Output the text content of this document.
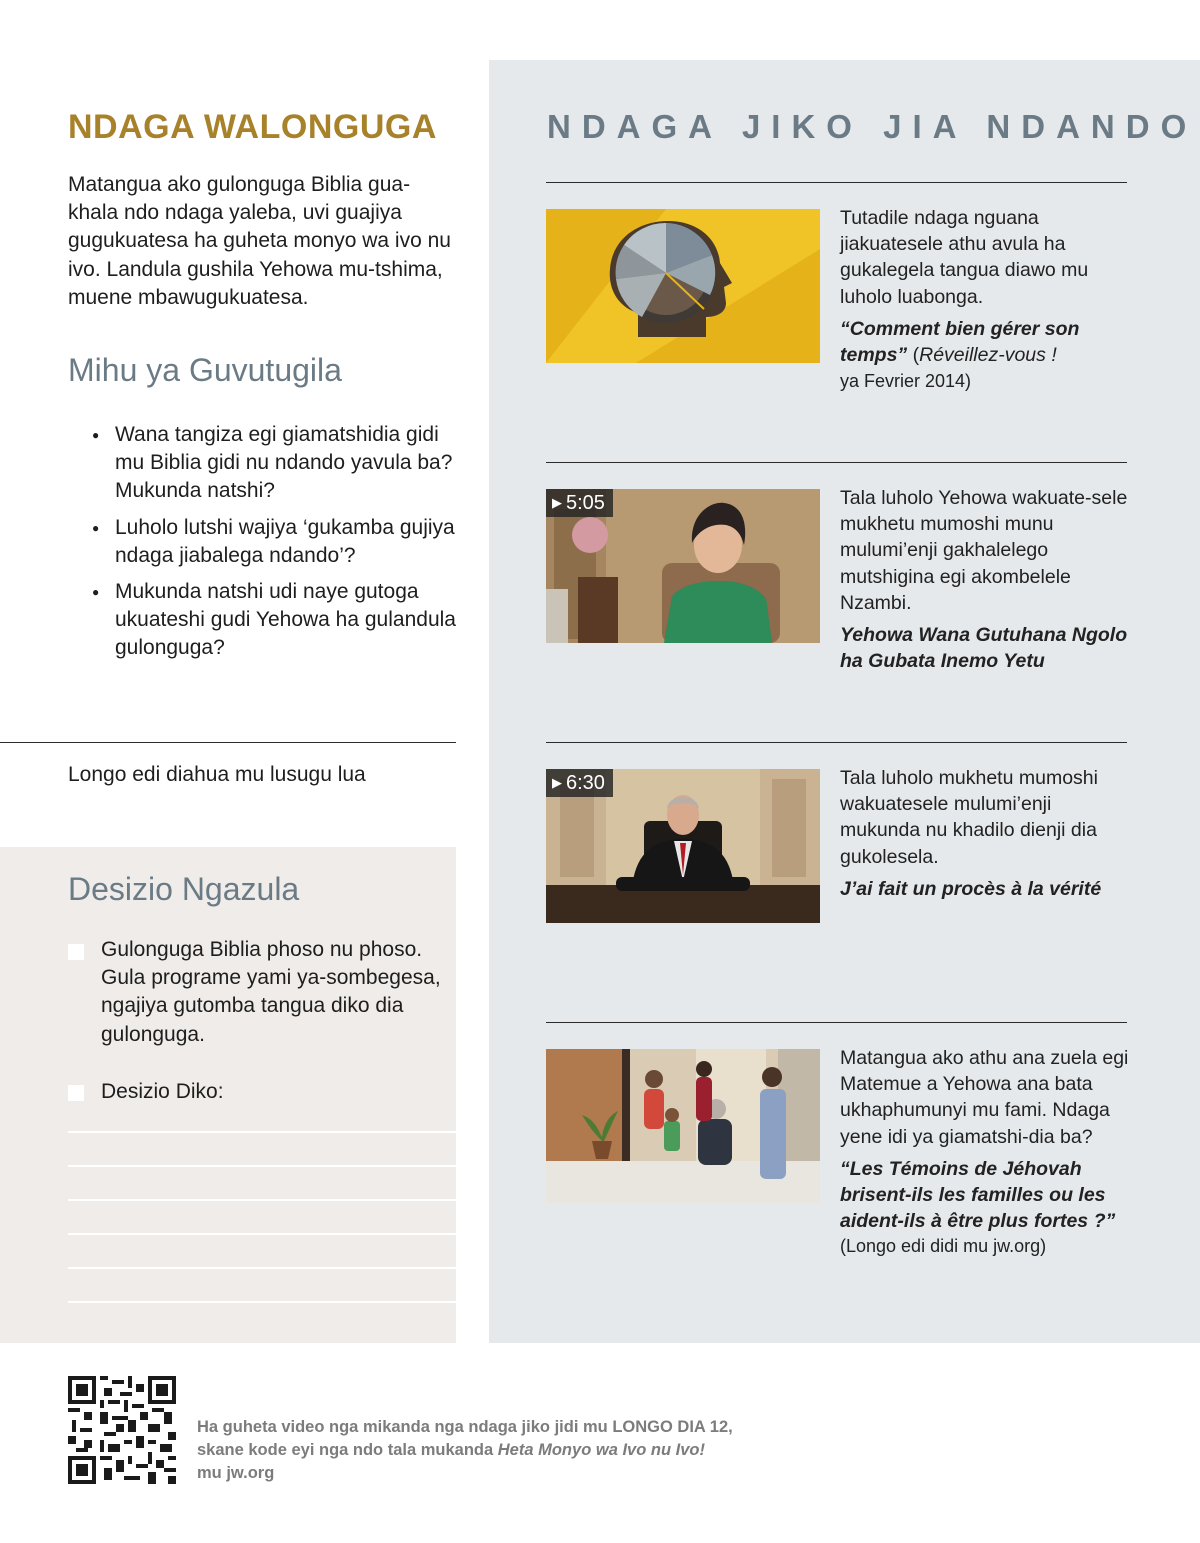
NDAGA WALONGUGA
Matangua ako gulonguga Biblia gua-khala ndo ndaga yaleba, uvi guajiya gugukuatesa ha guheta monyo wa ivo nu ivo. Landula gushila Yehowa mu-tshima, muene mbawugukuatesa.
Mihu ya Guvutugila
● Wana tangiza egi giamatshidia gidi mu Biblia gidi nu ndando yavula ba? Mukunda natshi?
● Luholo lutshi wajiya ‘gukamba gujiya ndaga jiabalega ndando’?
● Mukunda natshi udi naye gutoga ukuateshi gudi Yehowa ha gulandula gulonguga?
Longo edi diahua mu lusugu lua
Desizio Ngazula
Gulonguga Biblia phoso nu phoso. Gula programe yami ya-sombegesa, ngajiya gutomba tangua diko dia gulonguga.
Desizio Diko:
NDAGA JIKO JIA NDANDO
Tutadile ndaga nguana jiakuatesele athu avula ha gukalegela tangua diawo mu luholo luabonga.
“Comment bien gérer son temps” (Réveillez-vous !
ya Fevrier 2014)
▶ 5:05	Tala luholo Yehowa wakuate-sele mukhetu mumoshi munu mulumi’enji gakhalelego mutshigina egi akombelele Nzambi.
Yehowa Wana Gutuhana Ngolo ha Gubata Inemo Yetu
▶ 6:30	Tala luholo mukhetu mumoshi wakuatesele mulumi’enji mukunda nu khadilo dienji dia gukolesela.
J’ai fait un procès à la vérité
Matangua ako athu ana zuela egi Matemue a Yehowa ana bata ukhaphumunyi mu fami. Ndaga yene idi ya giamatshi-dia ba?
“Les Témoins de Jéhovah brisent-ils les familles ou les aident-ils à être plus fortes ?”
(Longo edi didi mu jw.org)
Ha guheta video nga mikanda nga ndaga jiko jidi mu LONGO DIA 12,
skane kode eyi nga ndo tala mukanda Heta Monyo wa Ivo nu Ivo!
mu jw.org
